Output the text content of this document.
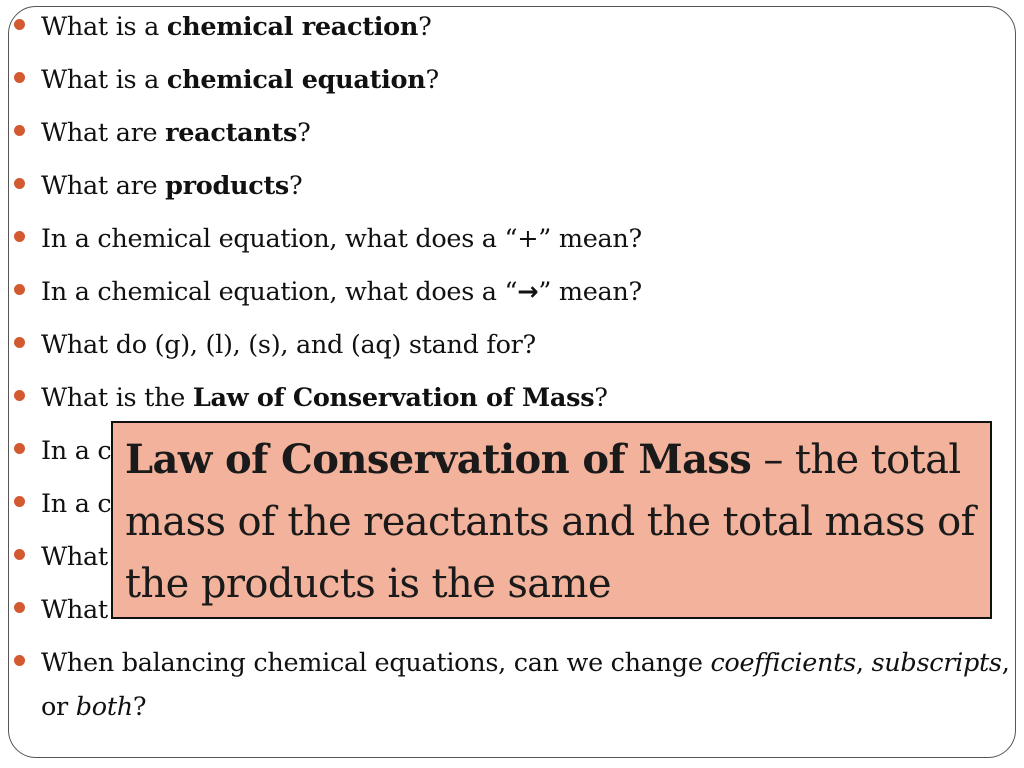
What is a chemical reaction?
What is a chemical equation?
What are reactants?
What are products?
In a chemical equation, what does a “+” mean?
In a chemical equation, what does a “→” mean?
What do (g), (l), (s), and (aq) stand for?
What is the Law of Conservation of Mass?
In a c
In a c
What
What
When balancing chemical equations, can we change coefficients, subscripts,
or both?
Law of Conservation of Mass – the total mass of the reactants and the total mass of the products is the same
